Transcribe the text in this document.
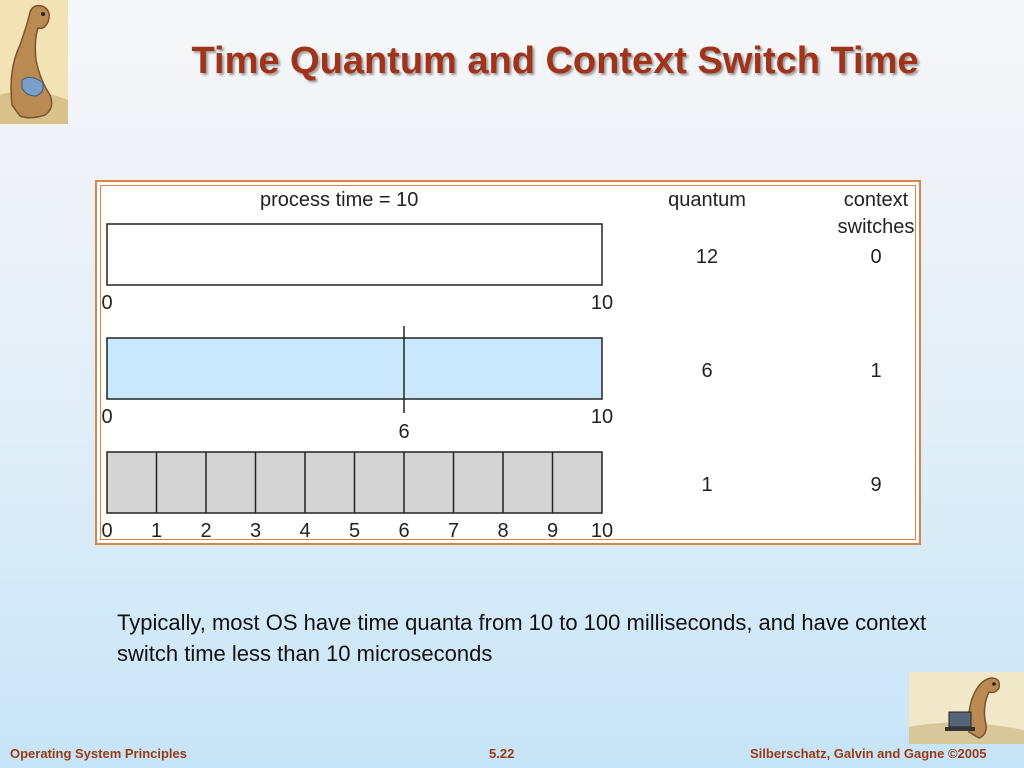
Time Quantum and Context Switch Time
process time = 10	quantum	context
switches
0	10
12	0
6
0	10
6	1
0 1 2 3 4 5 6 7 8 9 10
1	9
Typically, most OS have time quanta from 10 to 100 milliseconds, and have context switch time less than 10 microseconds
Operating System Principles	5.22	Silberschatz, Galvin and Gagne ©2005
